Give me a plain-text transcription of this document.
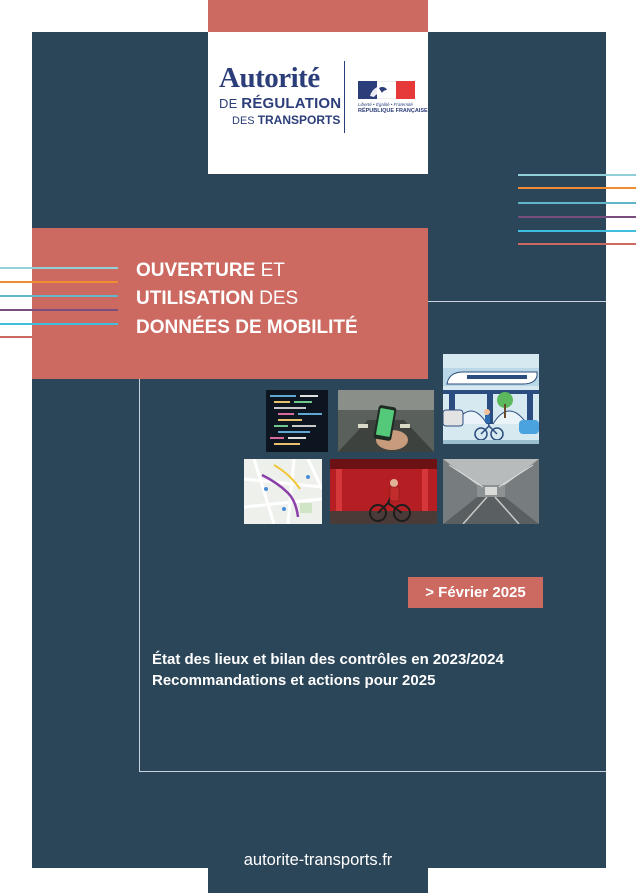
Autorité
DE RÉGULATION
DES TRANSPORTS
Liberté • Égalité • Fraternité
RÉPUBLIQUE FRANÇAISE
OUVERTURE ET
UTILISATION DES
DONNÉES DE MOBILITÉ
> Février 2025
État des lieux et bilan des contrôles en 2023/2024
Recommandations et actions pour 2025
autorite-transports.fr
